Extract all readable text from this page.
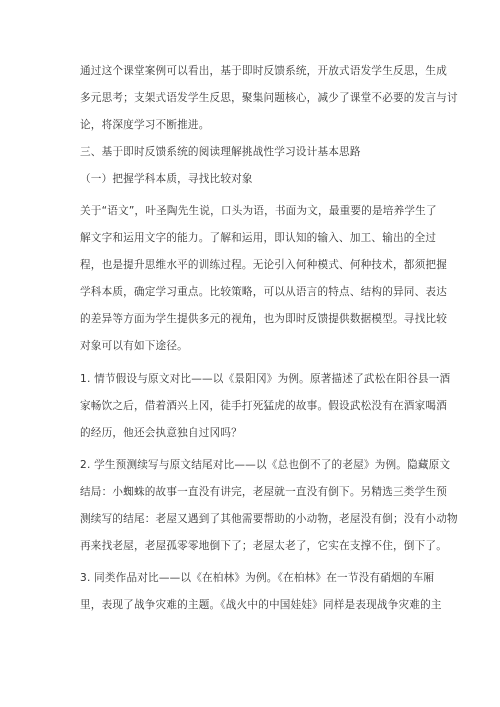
通过这个课堂案例可以看出，基于即时反馈系统，开放式语发学生反思，生成
多元思考；支架式语发学生反思，聚集问题核心，减少了课堂不必要的发言与讨
论，将深度学习不断推进。
三、基于即时反馈系统的阅读理解挑战性学习设计基本思路
（一）把握学科本质，寻找比较对象
关于“语文”，叶圣陶先生说，口头为语，书面为文，最重要的是培养学生了
解文字和运用文字的能力。了解和运用，即认知的输入、加工、输出的全过
程，也是提升思维水平的训练过程。无论引入何种模式、何种技术，都须把握
学科本质，确定学习重点。比较策略，可以从语言的特点、结构的异同、表达
的差异等方面为学生提供多元的视角，也为即时反馈提供数据模型。寻找比较
对象可以有如下途径。
1. 情节假设与原文对比——以《景阳冈》为例。原著描述了武松在阳谷县一酒
家畅饮之后，借着酒兴上冈，徒手打死猛虎的故事。假设武松没有在酒家喝酒
的经历，他还会执意独自过冈吗？
2. 学生预测续写与原文结尾对比——以《总也倒不了的老屋》为例。隐藏原文
结局：小蜘蛛的故事一直没有讲完，老屋就一直没有倒下。另精选三类学生预
测续写的结尾：老屋又遇到了其他需要帮助的小动物，老屋没有倒；没有小动物
再来找老屋，老屋孤零零地倒下了；老屋太老了，它实在支撑不住，倒下了。
3. 同类作品对比——以《在柏林》为例。《在柏林》在一节没有硝烟的车厢
里，表现了战争灾难的主题。《战火中的中国娃娃》同样是表现战争灾难的主
